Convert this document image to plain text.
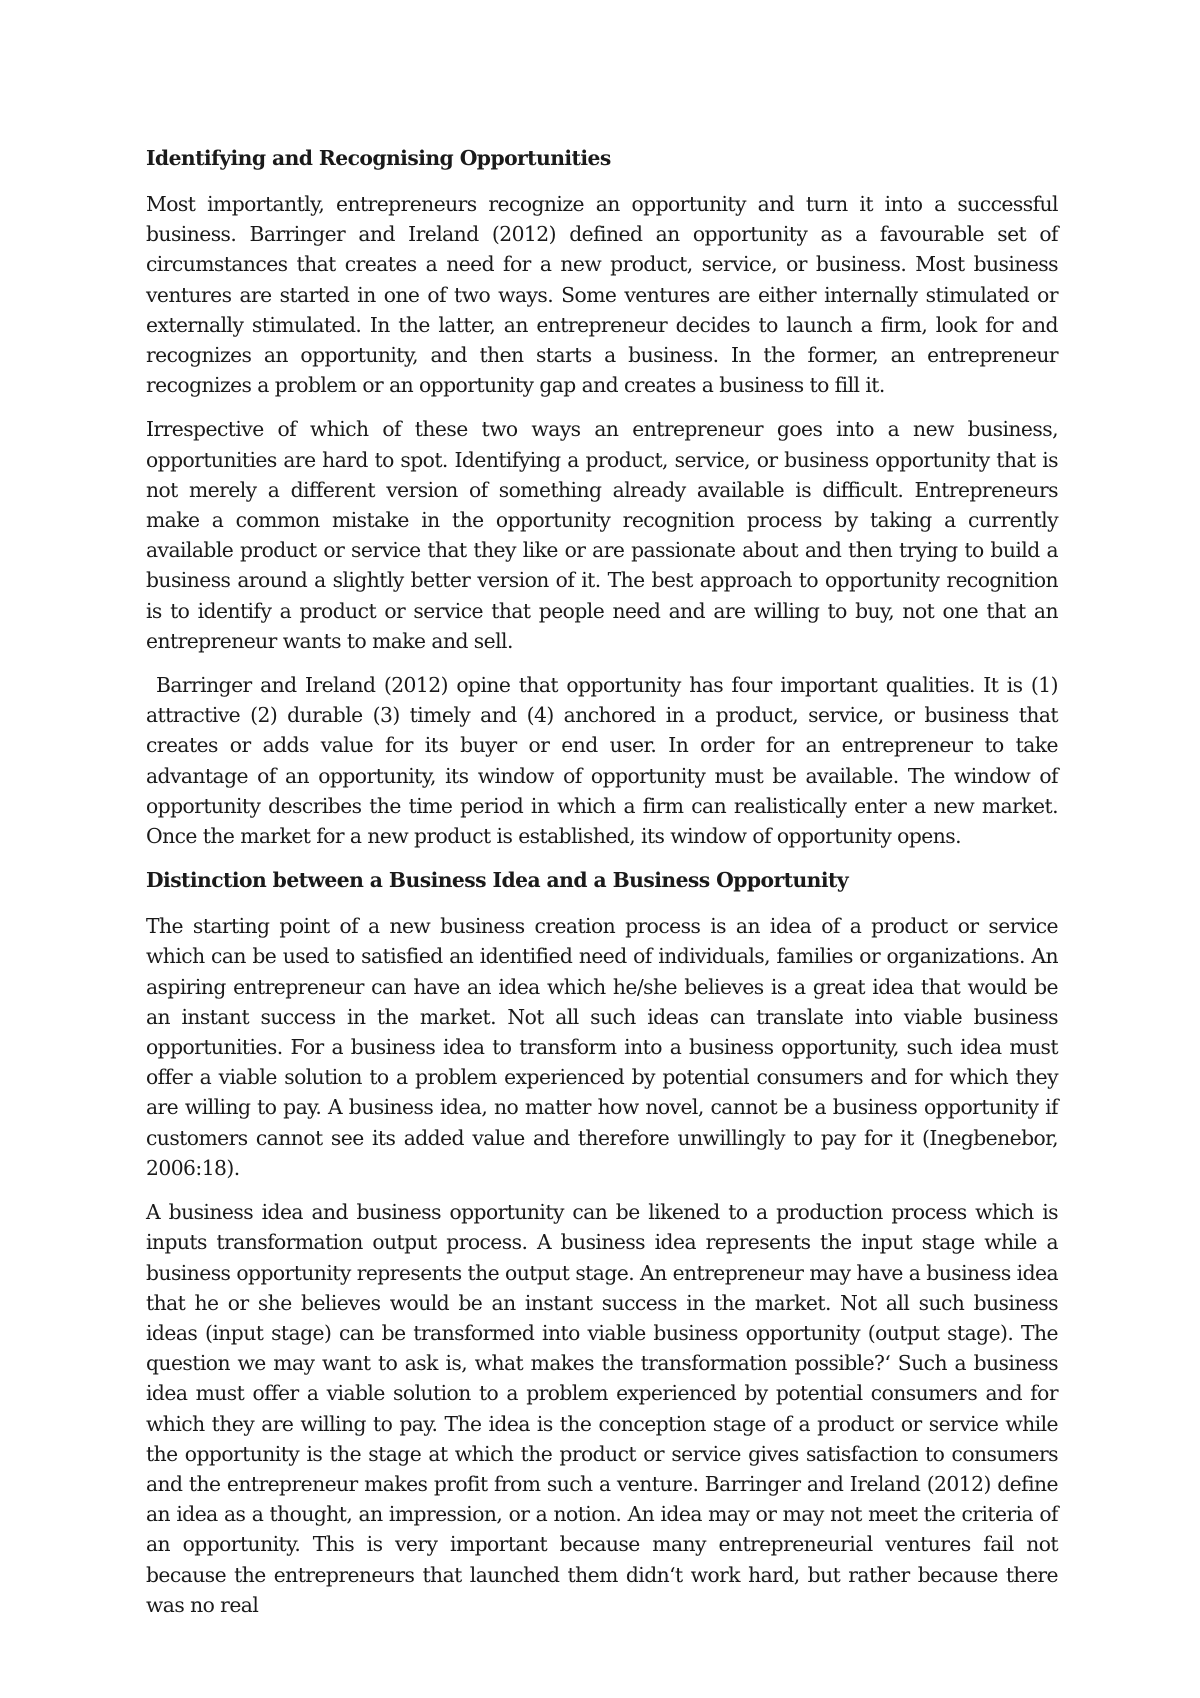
Identifying and Recognising Opportunities

Most importantly, entrepreneurs recognize an opportunity and turn it into a successful business. Barringer and Ireland (2012) defined an opportunity as a favourable set of circumstances that creates a need for a new product, service, or business. Most business ventures are started in one of two ways. Some ventures are either internally stimulated or externally stimulated. In the latter, an entrepreneur decides to launch a firm, look for and recognizes an opportunity, and then starts a business. In the former, an entrepreneur recognizes a problem or an opportunity gap and creates a business to fill it.

Irrespective of which of these two ways an entrepreneur goes into a new business, opportunities are hard to spot. Identifying a product, service, or business opportunity that is not merely a different version of something already available is difficult. Entrepreneurs make a common mistake in the opportunity recognition process by taking a currently available product or service that they like or are passionate about and then trying to build a business around a slightly better version of it. The best approach to opportunity recognition is to identify a product or service that people need and are willing to buy, not one that an entrepreneur wants to make and sell.

Barringer and Ireland (2012) opine that opportunity has four important qualities. It is (1) attractive (2) durable (3) timely and (4) anchored in a product, service, or business that creates or adds value for its buyer or end user. In order for an entrepreneur to take advantage of an opportunity, its window of opportunity must be available. The window of opportunity describes the time period in which a firm can realistically enter a new market. Once the market for a new product is established, its window of opportunity opens.

Distinction between a Business Idea and a Business Opportunity

The starting point of a new business creation process is an idea of a product or service which can be used to satisfied an identified need of individuals, families or organizations. An aspiring entrepreneur can have an idea which he/she believes is a great idea that would be an instant success in the market. Not all such ideas can translate into viable business opportunities. For a business idea to transform into a business opportunity, such idea must offer a viable solution to a problem experienced by potential consumers and for which they are willing to pay. A business idea, no matter how novel, cannot be a business opportunity if customers cannot see its added value and therefore unwillingly to pay for it (Inegbenebor, 2006:18).

A business idea and business opportunity can be likened to a production process which is inputs transformation output process. A business idea represents the input stage while a business opportunity represents the output stage. An entrepreneur may have a business idea that he or she believes would be an instant success in the market. Not all such business ideas (input stage) can be transformed into viable business opportunity (output stage). The question we may want to ask is, what makes the transformation possible?‘ Such a business idea must offer a viable solution to a problem experienced by potential consumers and for which they are willing to pay. The idea is the conception stage of a product or service while the opportunity is the stage at which the product or service gives satisfaction to consumers and the entrepreneur makes profit from such a venture. Barringer and Ireland (2012) define an idea as a thought, an impression, or a notion. An idea may or may not meet the criteria of an opportunity. This is very important because many entrepreneurial ventures fail not because the entrepreneurs that launched them didn‘t work hard, but rather because there was no real
